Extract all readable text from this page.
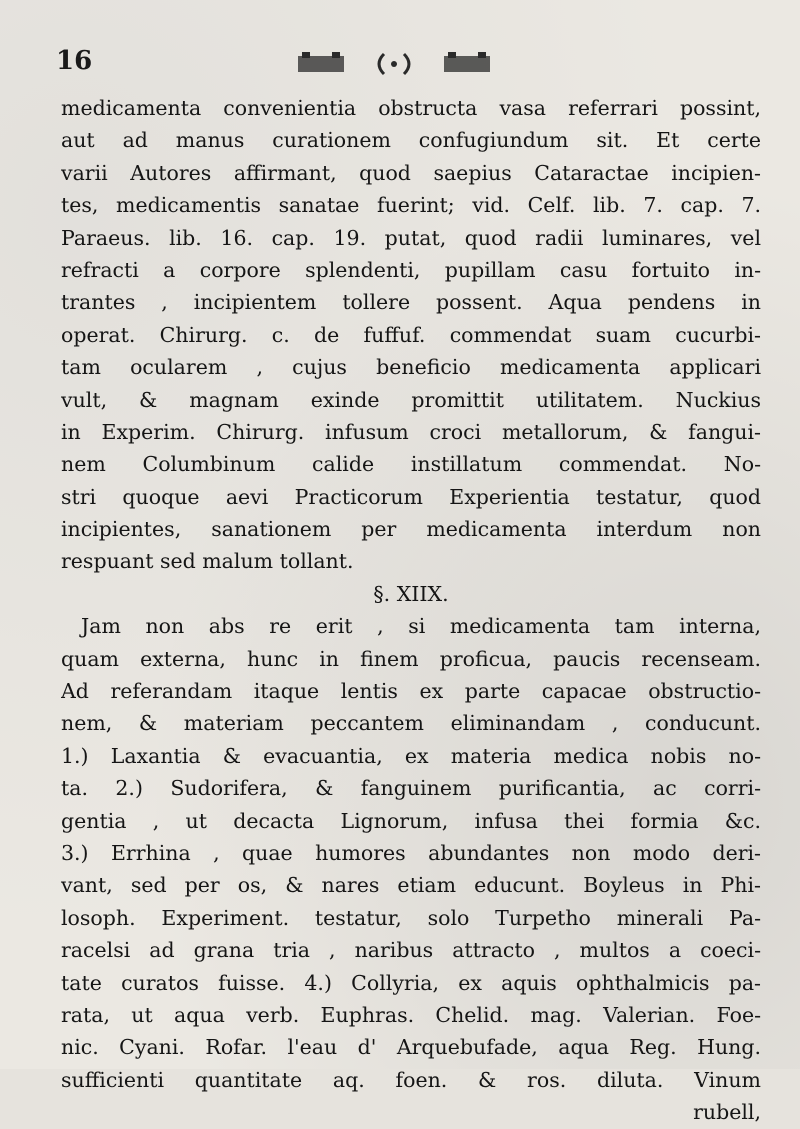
16
medicamenta convenientia obstructa vasa referrari possint,
aut ad manus curationem confugiundum sit. Et certe
varii Autores affirmant, quod saepius Cataractae incipien-
tes, medicamentis sanatae fuerint; vid. Celf. lib. 7. cap. 7.
Paraeus. lib. 16. cap. 19. putat, quod radii luminares, vel
refracti a corpore splendenti, pupillam casu fortuito in-
trantes , incipientem tollere possent. Aqua pendens in
operat. Chirurg. c. de fuffuf. commendat suam cucurbi-
tam ocularem , cujus beneficio medicamenta applicari
vult, & magnam exinde promittit utilitatem. Nuckius
in Experim. Chirurg. infusum croci metallorum, & fangui-
nem Columbinum calide instillatum commendat. No-
stri quoque aevi Practicorum Experientia testatur, quod
incipientes, sanationem per medicamenta interdum non
respuant sed malum tollant.
§. XIIX.
Jam non abs re erit , si medicamenta tam interna,
quam externa, hunc in finem proficua, paucis recenseam.
Ad referandam itaque lentis ex parte capacae obstructio-
nem, & materiam peccantem eliminandam , conducunt.
1.) Laxantia & evacuantia, ex materia medica nobis no-
ta. 2.) Sudorifera, & fanguinem purificantia, ac corri-
gentia , ut decacta Lignorum, infusa thei formia &c.
3.) Errhina , quae humores abundantes non modo deri-
vant, sed per os, & nares etiam educunt. Boyleus in Phi-
losoph. Experiment. testatur, solo Turpetho minerali Pa-
racelsi ad grana tria , naribus attracto , multos a coeci-
tate curatos fuisse. 4.) Collyria, ex aquis ophthalmicis pa-
rata, ut aqua verb. Euphras. Chelid. mag. Valerian. Foe-
nic. Cyani. Rofar. l'eau d' Arquebufade, aqua Reg. Hung.
sufficienti quantitate aq. foen. & ros. diluta. Vinum
rubell,
